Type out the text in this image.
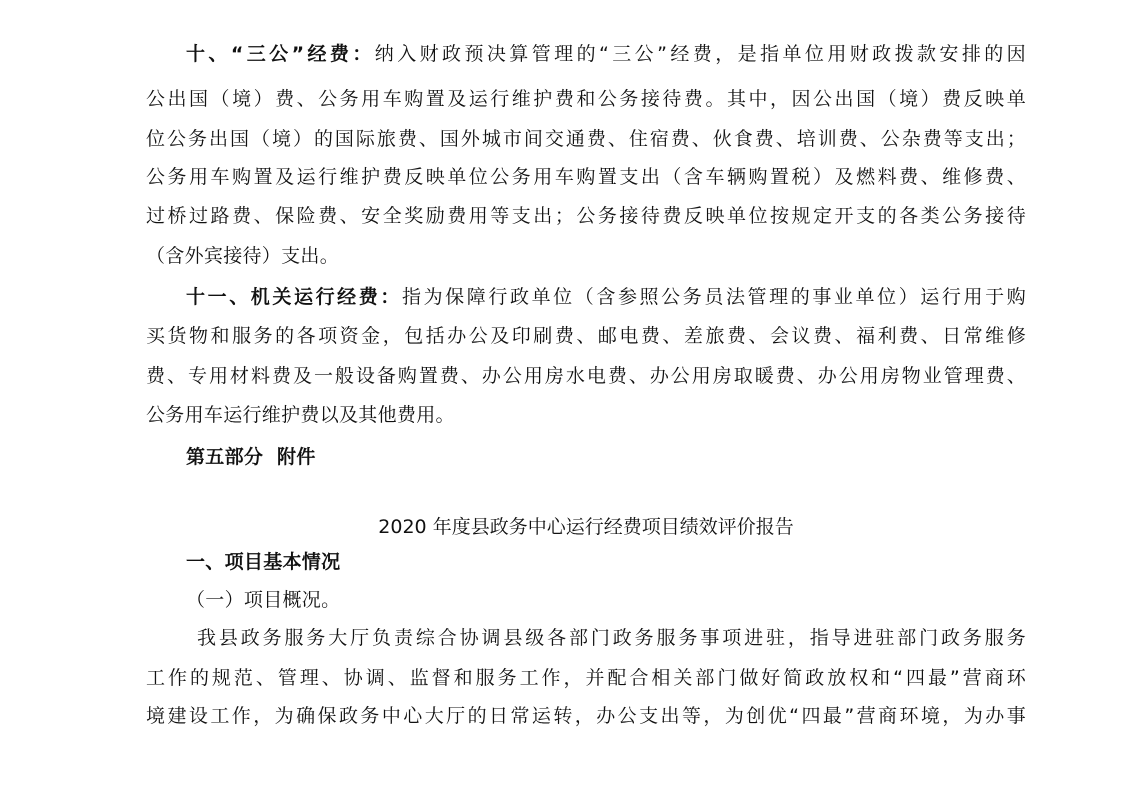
十、“三公”经费：纳入财政预决算管理的“三公”经费，是指单位用财政拨款安排的因
公出国（境）费、公务用车购置及运行维护费和公务接待费。其中，因公出国（境）费反映单
位公务出国（境）的国际旅费、国外城市间交通费、住宿费、伙食费、培训费、公杂费等支出；
公务用车购置及运行维护费反映单位公务用车购置支出（含车辆购置税）及燃料费、维修费、
过桥过路费、保险费、安全奖励费用等支出；公务接待费反映单位按规定开支的各类公务接待
（含外宾接待）支出。
十一、机关运行经费：指为保障行政单位（含参照公务员法管理的事业单位）运行用于购
买货物和服务的各项资金，包括办公及印刷费、邮电费、差旅费、会议费、福利费、日常维修
费、专用材料费及一般设备购置费、办公用房水电费、办公用房取暖费、办公用房物业管理费、
公务用车运行维护费以及其他费用。
第五部分  附件
2020 年度县政务中心运行经费项目绩效评价报告
一、项目基本情况
（一）项目概况。
我县政务服务大厅负责综合协调县级各部门政务服务事项进驻，指导进驻部门政务服务
工作的规范、管理、协调、监督和服务工作，并配合相关部门做好简政放权和“四最”营商环
境建设工作，为确保政务中心大厅的日常运转，办公支出等，为创优“四最”营商环境，为办事
